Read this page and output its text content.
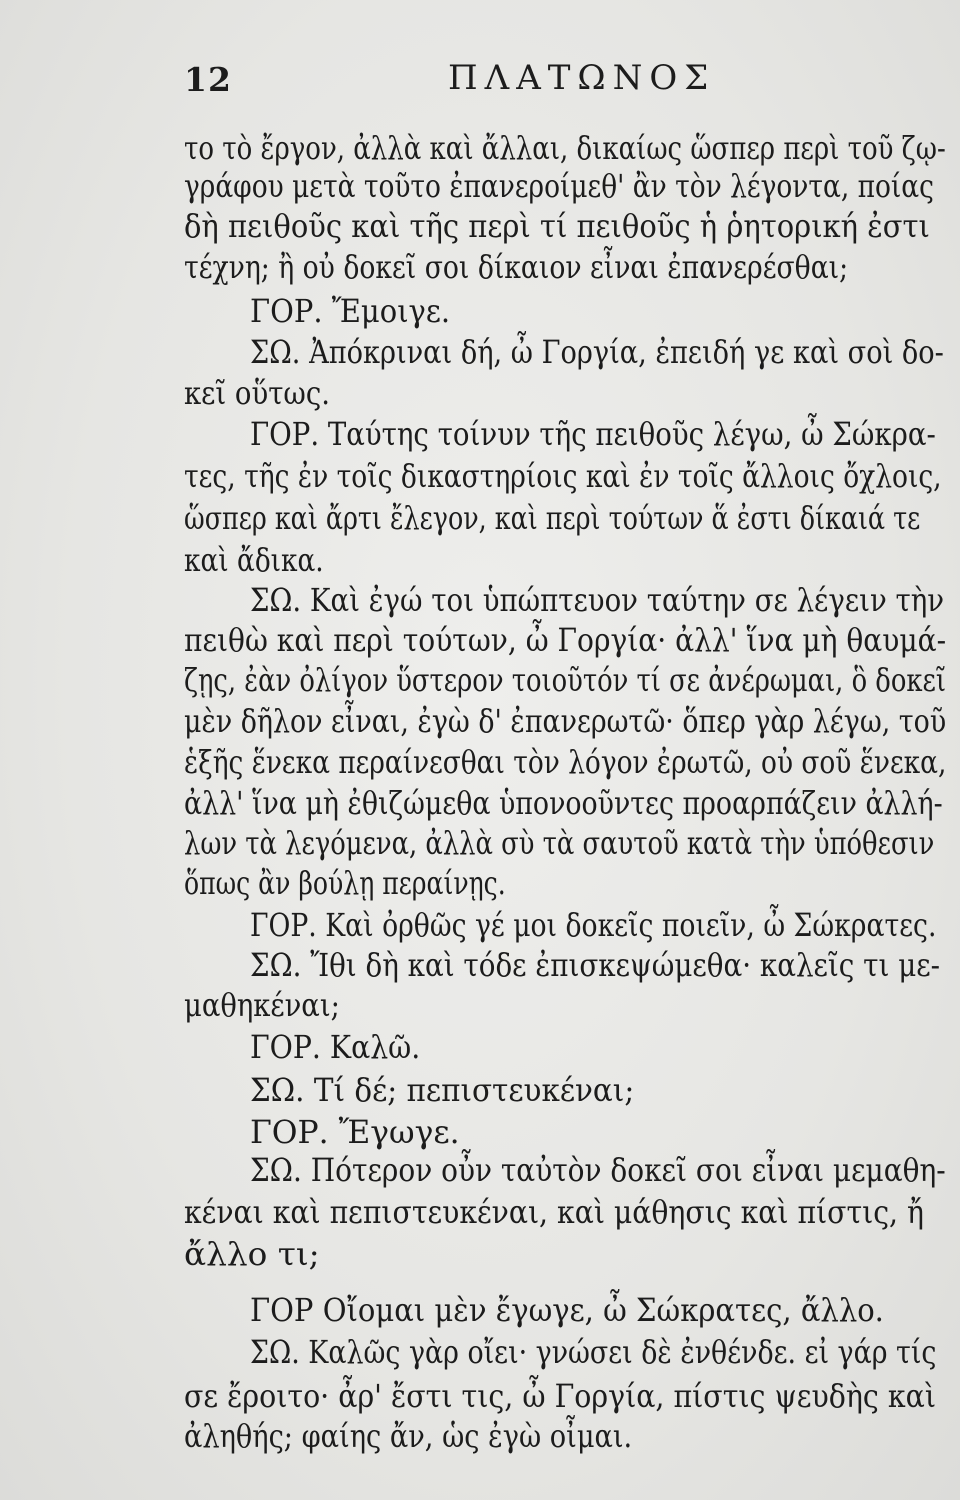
12	ΠΛΑΤΩΝΟΣ
το τὸ ἔργον, ἀλλὰ καὶ ἄλλαι, δικαίως ὥσπερ περὶ τοῦ ζῳ-
γράφου μετὰ τοῦτο ἐπανεροίμεθ' ἂν τὸν λέγοντα, ποίας
δὴ πειθοῦς καὶ τῆς περὶ τί πειθοῦς ἡ ῥητορική ἐστι
τέχνη; ἢ οὐ δοκεῖ σοι δίκαιον εἶναι ἐπανερέσθαι;
ΓΟΡ. Ἔμοιγε.
ΣΩ. Ἀπόκριναι δή, ὦ Γοργία, ἐπειδή γε καὶ σοὶ δο-
κεῖ οὕτως.
ΓΟΡ. Ταύτης τοίνυν τῆς πειθοῦς λέγω, ὦ Σώκρα-
τες, τῆς ἐν τοῖς δικαστηρίοις καὶ ἐν τοῖς ἄλλοις ὄχλοις,
ὥσπερ καὶ ἄρτι ἔλεγον, καὶ περὶ τούτων ἅ ἐστι δίκαιά τε
καὶ ἄδικα.
ΣΩ. Καὶ ἐγώ τοι ὑπώπτευον ταύτην σε λέγειν τὴν
πειθὼ καὶ περὶ τούτων, ὦ Γοργία· ἀλλ' ἵνα μὴ θαυμά-
ζῃς, ἐὰν ὀλίγον ὕστερον τοιοῦτόν τί σε ἀνέρωμαι, ὃ δοκεῖ
μὲν δῆλον εἶναι, ἐγὼ δ' ἐπανερωτῶ· ὅπερ γὰρ λέγω, τοῦ
ἑξῆς ἕνεκα περαίνεσθαι τὸν λόγον ἐρωτῶ, οὐ σοῦ ἕνεκα,
ἀλλ' ἵνα μὴ ἐθιζώμεθα ὑπονοοῦντες προαρπάζειν ἀλλή-
λων τὰ λεγόμενα, ἀλλὰ σὺ τὰ σαυτοῦ κατὰ τὴν ὑπόθεσιν
ὅπως ἂν βούλῃ περαίνῃς.
ΓΟΡ. Καὶ ὀρθῶς γέ μοι δοκεῖς ποιεῖν, ὦ Σώκρατες.
ΣΩ. Ἴθι δὴ καὶ τόδε ἐπισκεψώμεθα· καλεῖς τι με-
μαθηκέναι;
ΓΟΡ. Καλῶ.
ΣΩ. Τί δέ; πεπιστευκέναι;
ΓΟΡ. Ἔγωγε.
ΣΩ. Πότερον οὖν ταὐτὸν δοκεῖ σοι εἶναι μεμαθη-
κέναι καὶ πεπιστευκέναι, καὶ μάθησις καὶ πίστις, ἤ
ἄλλο τι;
ΓΟΡ Οἴομαι μὲν ἔγωγε, ὦ Σώκρατες, ἄλλο.
ΣΩ. Καλῶς γὰρ οἴει· γνώσει δὲ ἐνθένδε. εἰ γάρ τίς
σε ἔροιτο· ἆρ' ἔστι τις, ὦ Γοργία, πίστις ψευδὴς καὶ
ἀληθής; φαίης ἄν, ὡς ἐγὼ οἶμαι.
